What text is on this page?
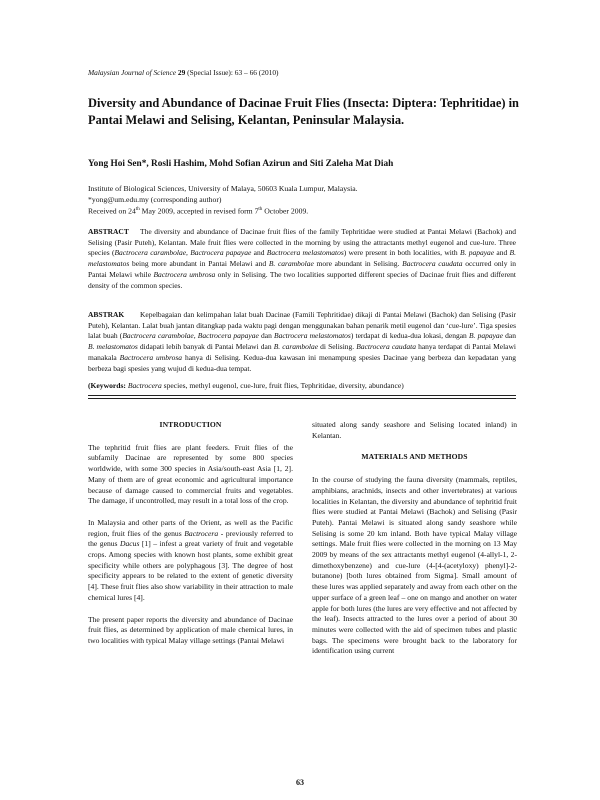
Malaysian Journal of Science 29 (Special Issue): 63 – 66 (2010)
Diversity and Abundance of Dacinae Fruit Flies (Insecta: Diptera: Tephritidae) in Pantai Melawi and Selising, Kelantan, Peninsular Malaysia.
Yong Hoi Sen*, Rosli Hashim, Mohd Sofian Azirun and Siti Zaleha Mat Diah
Institute of Biological Sciences, University of Malaya, 50603 Kuala Lumpur, Malaysia.
*yong@um.edu.my (corresponding author)
Received on 24th May 2009, accepted in revised form 7th October 2009.
ABSTRACT The diversity and abundance of Dacinae fruit flies of the family Tephritidae were studied at Pantai Melawi (Bachok) and Selising (Pasir Puteh), Kelantan. Male fruit flies were collected in the morning by using the attractants methyl eugenol and cue-lure. Three species (Bactrocera carambolae, Bactrocera papayae and Bactrocera melastomatos) were present in both localities, with B. papayae and B. melastomatos being more abundant in Pantai Melawi and B. carambolae more abundant in Selising. Bactrocera caudata occurred only in Pantai Melawi while Bactrocera umbrosa only in Selising. The two localities supported different species of Dacinae fruit flies and different density of the common species.
ABSTRAK Kepelbagaian dan kelimpahan lalat buah Dacinae (Famili Tephritidae) dikaji di Pantai Melawi (Bachok) dan Selising (Pasir Puteh), Kelantan. Lalat buah jantan ditangkap pada waktu pagi dengan menggunakan bahan penarik metil eugenol dan ‘cue-lure’. Tiga spesies lalat buah (Bactrocera carambolae, Bactrocera papayae dan Bactrocera melastomatos) terdapat di kedua-dua lokasi, dengan B. papayae dan B. melastomatos didapati lebih banyak di Pantai Melawi dan B. carambolae di Selising. Bactrocera caudata hanya terdapat di Pantai Melawi manakala Bactrocera umbrosa hanya di Selising. Kedua-dua kawasan ini menampung spesies Dacinae yang berbeza dan kepadatan yang berbeza bagi spesies yang wujud di kedua-dua tempat.
(Keywords: Bactrocera species, methyl eugenol, cue-lure, fruit flies, Tephritidae, diversity, abundance)

INTRODUCTION

The tephritid fruit flies are plant feeders. Fruit flies of the subfamily Dacinae are represented by some 800 species worldwide, with some 300 species in Asia/south-east Asia [1, 2]. Many of them are of great economic and agricultural importance because of damage caused to commercial fruits and vegetables. The damage, if uncontrolled, may result in a total loss of the crop.

In Malaysia and other parts of the Orient, as well as the Pacific region, fruit flies of the genus Bactrocera - previously referred to the genus Dacus [1] – infest a great variety of fruit and vegetable crops. Among species with known host plants, some exhibit great specificity while others are polyphagous [3]. The degree of host specificity appears to be related to the extent of genetic diversity [4]. These fruit flies also show variability in their attraction to male chemical lures [4].

The present paper reports the diversity and abundance of Dacinae fruit flies, as determined by application of male chemical lures, in two localities with typical Malay village settings (Pantai Melawi

situated along sandy seashore and Selising located inland) in Kelantan.

MATERIALS AND METHODS

In the course of studying the fauna diversity (mammals, reptiles, amphibians, arachnids, insects and other invertebrates) at various localities in Kelantan, the diversity and abundance of tephritid fruit flies were studied at Pantai Melawi (Bachok) and Selising (Pasir Puteh). Pantai Melawi is situated along sandy seashore while Selising is some 20 km inland. Both have typical Malay village settings. Male fruit flies were collected in the morning on 13 May 2009 by means of the sex attractants methyl eugenol (4-allyl-1, 2-dimethoxybenzene) and cue-lure (4-[4-(acetyloxy) phenyl]-2-butanone) [both lures obtained from Sigma]. Small amount of these lures was applied separately and away from each other on the upper surface of a green leaf – one on mango and another on water apple for both lures (the lures are very effective and not affected by the leaf). Insects attracted to the lures over a period of about 30 minutes were collected with the aid of specimen tubes and plastic bags. The specimens were brought back to the laboratory for identification using current

63
